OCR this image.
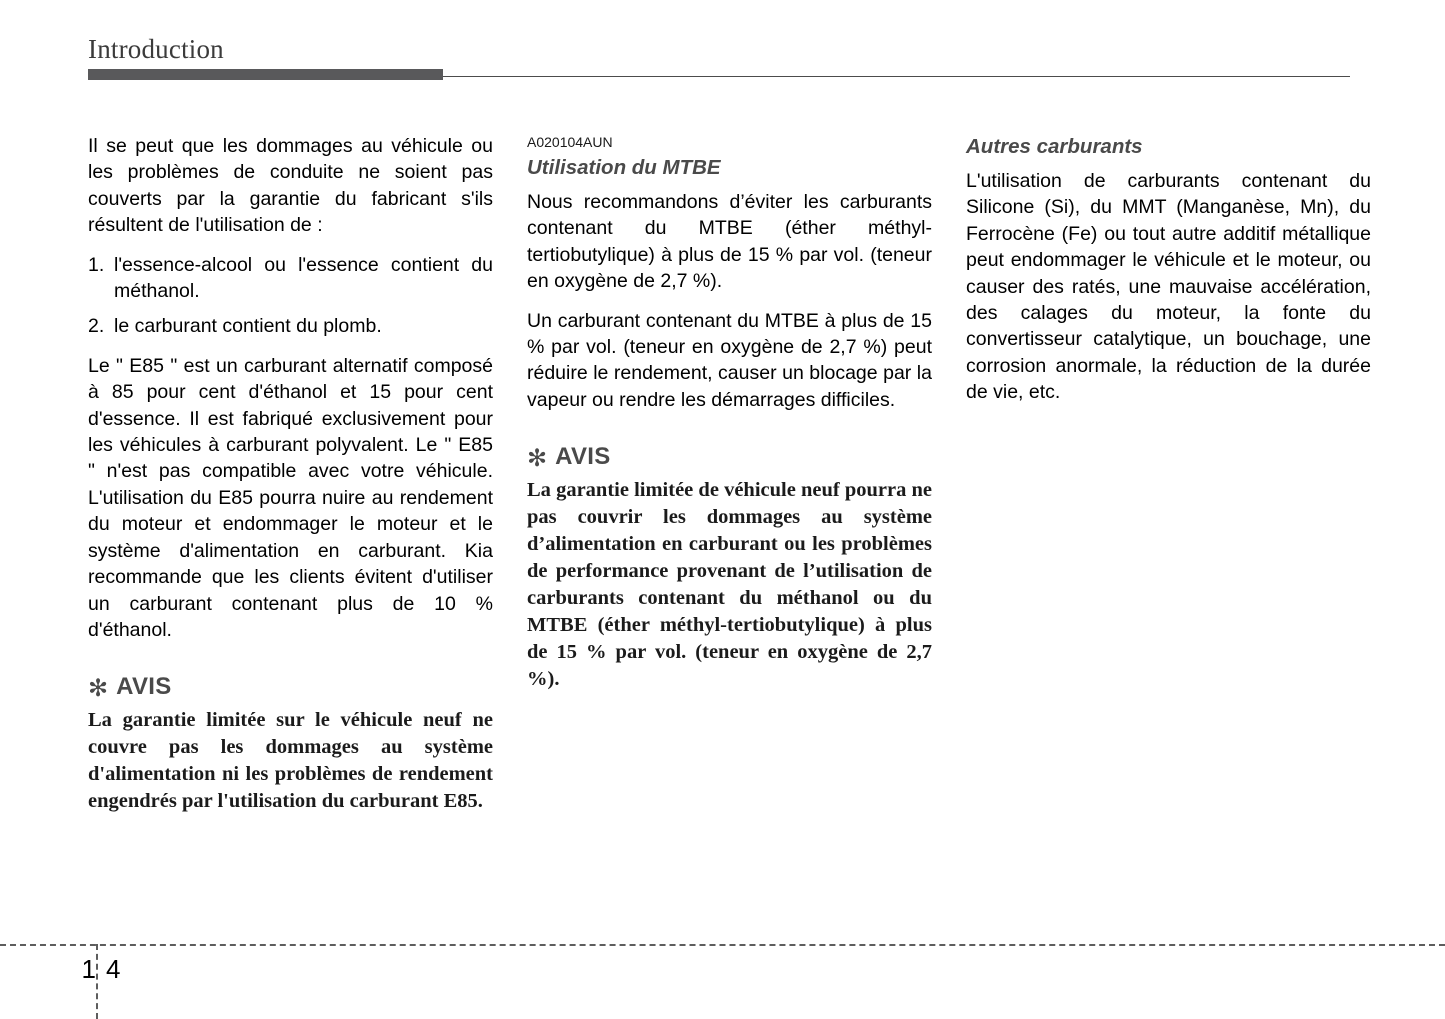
Introduction

Il se peut que les dommages au véhicule ou les problèmes de conduite ne soient pas couverts par la garantie du fabricant s'ils résultent de l'utilisation de :

1. l'essence-alcool ou l'essence contient du méthanol.
2. le carburant contient du plomb.

Le " E85 " est un carburant alternatif composé à 85 pour cent d'éthanol et 15 pour cent d'essence. Il est fabriqué exclusivement pour les véhicules à carburant polyvalent. Le " E85 " n'est pas compatible avec votre véhicule. L'utilisation du E85 pourra nuire au rendement du moteur et endommager le moteur et le système d'alimentation en carburant. Kia recommande que les clients évitent d'utiliser un carburant contenant plus de 10 % d'éthanol.

✻ AVIS

La garantie limitée sur le véhicule neuf ne couvre pas les dommages au système d'alimentation ni les problèmes de rendement engendrés par l'utilisation du carburant E85.

A020104AUN

Utilisation du MTBE

Nous recommandons d’éviter les carburants contenant du MTBE (éther méthyl-tertiobutylique) à plus de 15 % par vol. (teneur en oxygène de 2,7 %).

Un carburant contenant du MTBE à plus de 15 % par vol. (teneur en oxygène de 2,7 %) peut réduire le rendement, causer un blocage par la vapeur ou rendre les démarrages difficiles.

✻ AVIS

La garantie limitée de véhicule neuf pourra ne pas couvrir les dommages au système d’alimentation en carburant ou les problèmes de performance provenant de l’utilisation de carburants contenant du méthanol ou du MTBE (éther méthyl-tertiobutylique) à plus de 15 % par vol. (teneur en oxygène de 2,7 %).

Autres carburants

L'utilisation de carburants contenant du Silicone (Si), du MMT (Manganèse, Mn), du Ferrocène (Fe) ou tout autre additif métallique peut endommager le véhicule et le moteur, ou causer des ratés, une mauvaise accélération, des calages du moteur, la fonte du convertisseur catalytique, un bouchage, une corrosion anormale, la réduction de la durée de vie, etc.

1 4
